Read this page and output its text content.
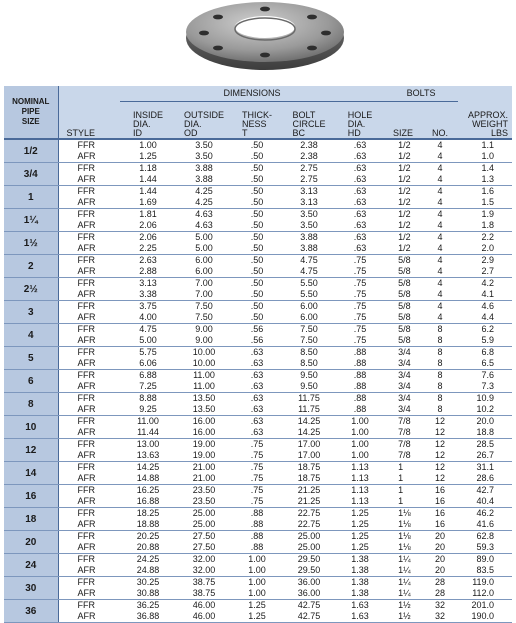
NOMINAL
PIPE
SIZE		DIMENSIONS					BOLTS		
	STYLE	INSIDE
DIA.
ID	OUTSIDE
DIA.
OD	THICK-
NESS
T	BOLT
CIRCLE
BC	HOLE
DIA.
HD	SIZE	NO.	APPROX.
WEIGHT
LBS
1/2	FFR	1.00	3.50	.50	2.38	.63	1/2	4	1.1
	AFR	1.25	3.50	.50	2.38	.63	1/2	4	1.0
3/4	FFR	1.18	3.88	.50	2.75	.63	1/2	4	1.4
	AFR	1.44	3.88	.50	2.75	.63	1/2	4	1.3
1	FFR	1.44	4.25	.50	3.13	.63	1/2	4	1.6
	AFR	1.69	4.25	.50	3.13	.63	1/2	4	1.5
1¼	FFR	1.81	4.63	.50	3.50	.63	1/2	4	1.9
	AFR	2.06	4.63	.50	3.50	.63	1/2	4	1.8
1½	FFR	2.06	5.00	.50	3.88	.63	1/2	4	2.2
	AFR	2.25	5.00	.50	3.88	.63	1/2	4	2.0
2	FFR	2.63	6.00	.50	4.75	.75	5/8	4	2.9
	AFR	2.88	6.00	.50	4.75	.75	5/8	4	2.7
2½	FFR	3.13	7.00	.50	5.50	.75	5/8	4	4.2
	AFR	3.38	7.00	.50	5.50	.75	5/8	4	4.1
3	FFR	3.75	7.50	.50	6.00	.75	5/8	4	4.6
	AFR	4.00	7.50	.50	6.00	.75	5/8	4	4.4
4	FFR	4.75	9.00	.56	7.50	.75	5/8	8	6.2
	AFR	5.00	9.00	.56	7.50	.75	5/8	8	5.9
5	FFR	5.75	10.00	.63	8.50	.88	3/4	8	6.8
	AFR	6.06	10.00	.63	8.50	.88	3/4	8	6.5
6	FFR	6.88	11.00	.63	9.50	.88	3/4	8	7.6
	AFR	7.25	11.00	.63	9.50	.88	3/4	8	7.3
8	FFR	8.88	13.50	.63	11.75	.88	3/4	8	10.9
	AFR	9.25	13.50	.63	11.75	.88	3/4	8	10.2
10	FFR	11.00	16.00	.63	14.25	1.00	7/8	12	20.0
	AFR	11.44	16.00	.63	14.25	1.00	7/8	12	18.8
12	FFR	13.00	19.00	.75	17.00	1.00	7/8	12	28.5
	AFR	13.63	19.00	.75	17.00	1.00	7/8	12	26.7
14	FFR	14.25	21.00	.75	18.75	1.13	1	12	31.1
	AFR	14.88	21.00	.75	18.75	1.13	1	12	28.6
16	FFR	16.25	23.50	.75	21.25	1.13	1	16	42.7
	AFR	16.88	23.50	.75	21.25	1.13	1	16	40.4
18	FFR	18.25	25.00	.88	22.75	1.25	1⅛	16	46.2
	AFR	18.88	25.00	.88	22.75	1.25	1⅛	16	41.6
20	FFR	20.25	27.50	.88	25.00	1.25	1⅛	20	62.8
	AFR	20.88	27.50	.88	25.00	1.25	1⅛	20	59.3
24	FFR	24.25	32.00	1.00	29.50	1.38	1¼	20	89.0
	AFR	24.88	32.00	1.00	29.50	1.38	1¼	20	83.5
30	FFR	30.25	38.75	1.00	36.00	1.38	1¼	28	119.0
	AFR	30.88	38.75	1.00	36.00	1.38	1¼	28	112.0
36	FFR	36.25	46.00	1.25	42.75	1.63	1½	32	201.0
	AFR	36.88	46.00	1.25	42.75	1.63	1½	32	190.0
